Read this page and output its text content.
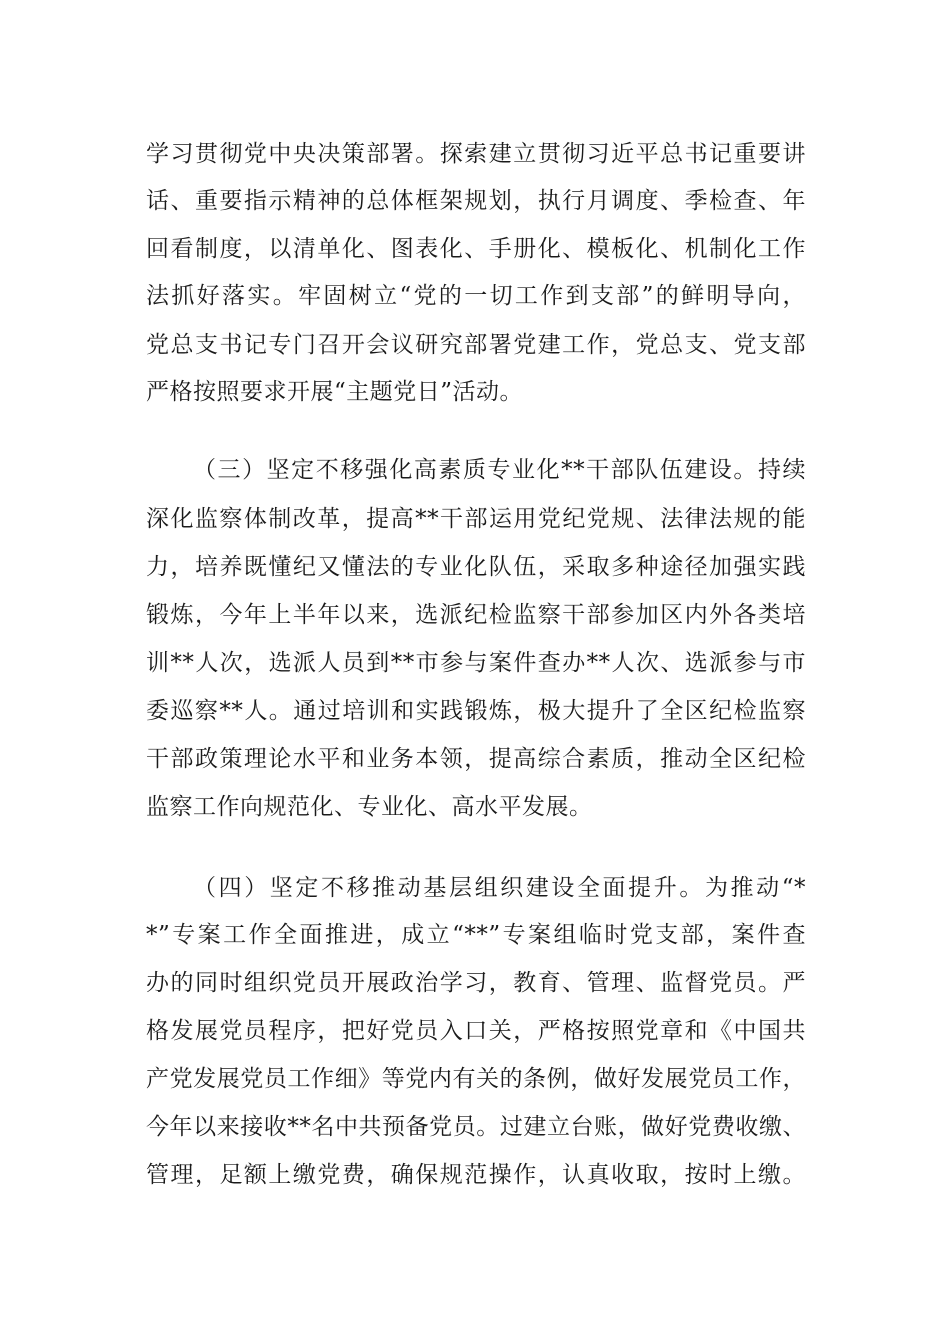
学习贯彻党中央决策部署。探索建立贯彻习近平总书记重要讲
话、重要指示精神的总体框架规划，执行月调度、季检查、年
回看制度，以清单化、图表化、手册化、模板化、机制化工作
法抓好落实。牢固树立“党的一切工作到支部”的鲜明导向，
党总支书记专门召开会议研究部署党建工作，党总支、党支部
严格按照要求开展“主题党日”活动。
（三）坚定不移强化高素质专业化**干部队伍建设。持续
深化监察体制改革，提高**干部运用党纪党规、法律法规的能
力，培养既懂纪又懂法的专业化队伍，采取多种途径加强实践
锻炼，今年上半年以来，选派纪检监察干部参加区内外各类培
训**人次，选派人员到**市参与案件查办**人次、选派参与市
委巡察**人。通过培训和实践锻炼，极大提升了全区纪检监察
干部政策理论水平和业务本领，提高综合素质，推动全区纪检
监察工作向规范化、专业化、高水平发展。
（四）坚定不移推动基层组织建设全面提升。为推动“*
*”专案工作全面推进，成立“**”专案组临时党支部，案件查
办的同时组织党员开展政治学习，教育、管理、监督党员。严
格发展党员程序，把好党员入口关，严格按照党章和《中国共
产党发展党员工作细》等党内有关的条例，做好发展党员工作，
今年以来接收**名中共预备党员。过建立台账，做好党费收缴、
管理，足额上缴党费，确保规范操作，认真收取，按时上缴。
